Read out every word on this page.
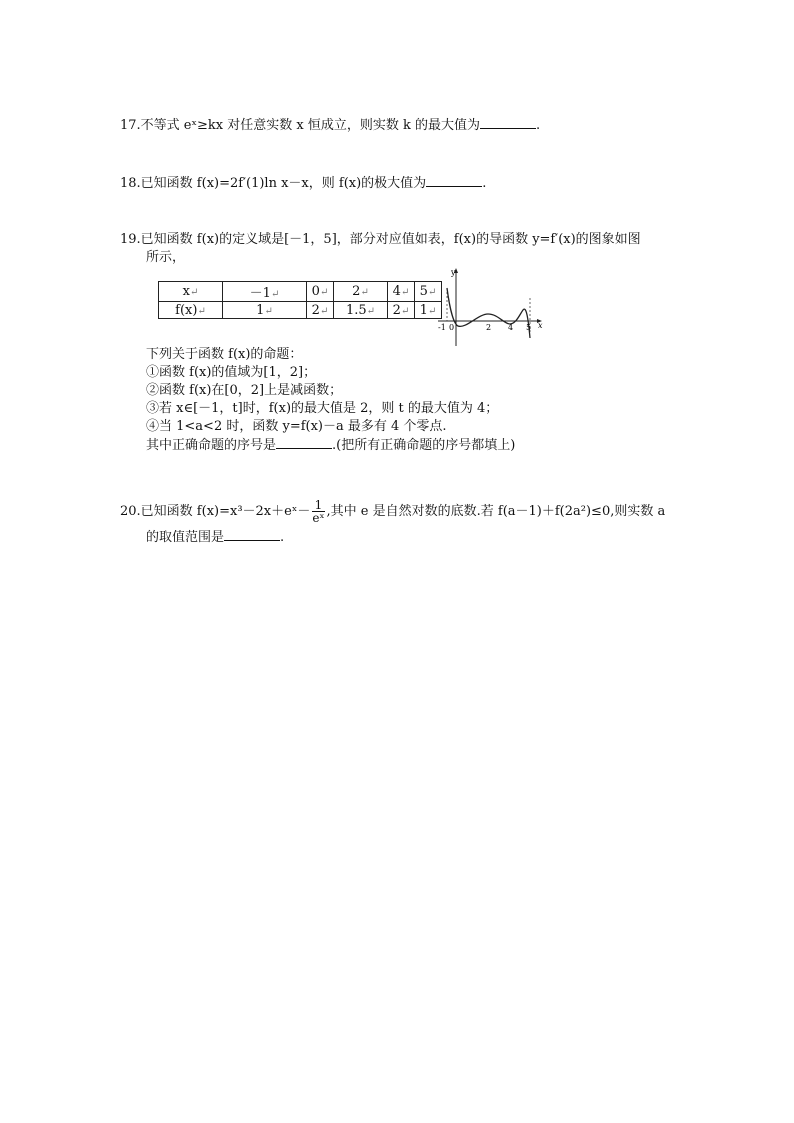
17.不等式 eˣ≥kx 对任意实数 x 恒成立，则实数 k 的最大值为	.
18.已知函数 f(x)=2f′(1)ln x－x，则 f(x)的极大值为	.
19.已知函数 f(x)的定义域是[－1，5]，部分对应值如表，f(x)的导函数 y=f′(x)的图象如图
所示，
x↵	－1↵	0↵	2↵	4↵	5↵
f(x)↵	1↵	2↵	1.5↵	2↵	1↵
y
x
-1 0	2 4 5
下列关于函数 f(x)的命题：
①函数 f(x)的值域为[1，2]；
②函数 f(x)在[0，2]上是减函数；
③若 x∈[－1，t]时，f(x)的最大值是 2，则 t 的最大值为 4；
④当 1<a<2 时，函数 y=f(x)－a 最多有 4 个零点.
其中正确命题的序号是	.(把所有正确命题的序号都填上)
20.已知函数 f(x)=x³－2x＋eˣ－ $\frac{1}{\text{eˣ}}$ ,其中 e 是自然对数的底数.若 f(a－1)＋f(2a²)≤0,则实数 a
的取值范围是	.
